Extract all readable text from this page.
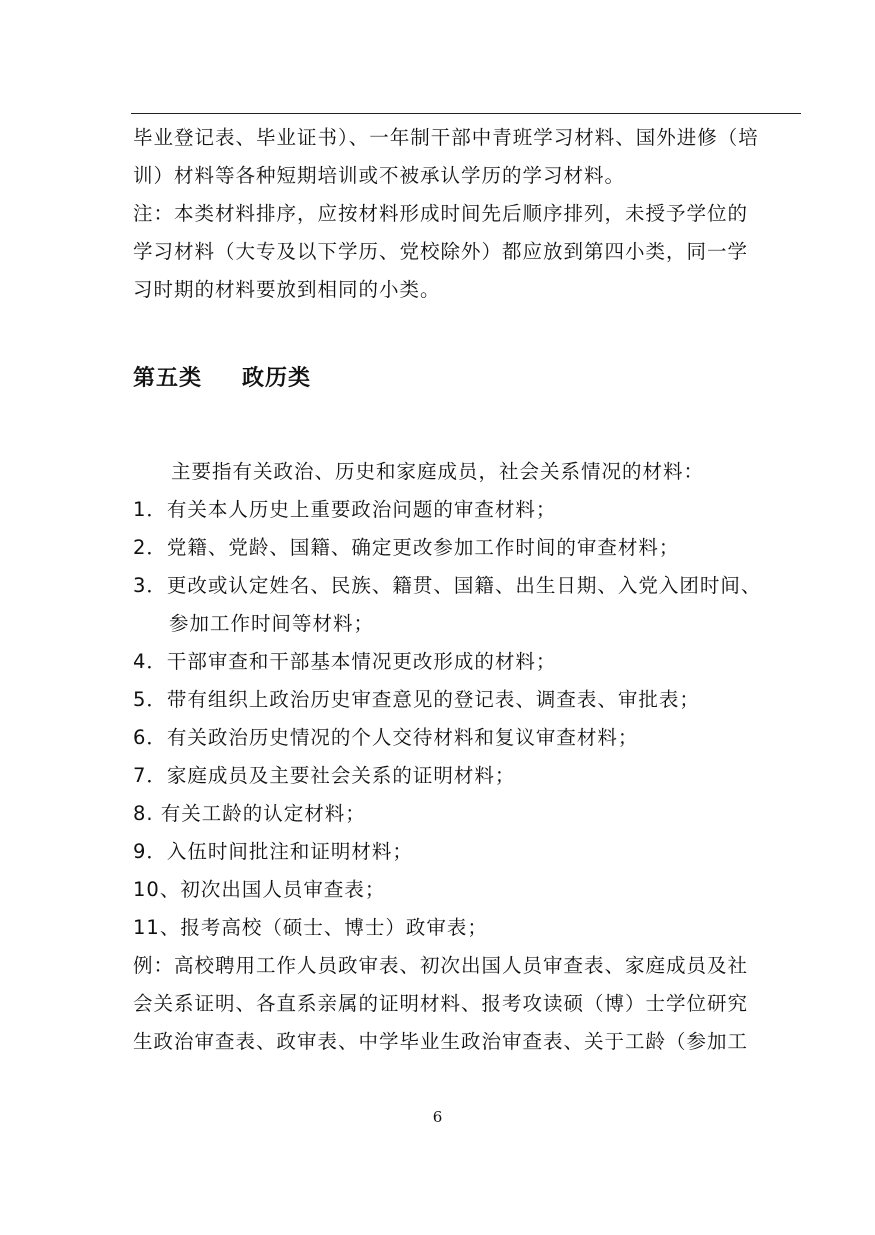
毕业登记表、毕业证书）、一年制干部中青班学习材料、国外进修（培
训）材料等各种短期培训或不被承认学历的学习材料。
注：本类材料排序，应按材料形成时间先后顺序排列，未授予学位的
学习材料（大专及以下学历、党校除外）都应放到第四小类，同一学
习时期的材料要放到相同的小类。
第五类 政历类
主要指有关政治、历史和家庭成员，社会关系情况的材料：
1．有关本人历史上重要政治问题的审查材料；
2．党籍、党龄、国籍、确定更改参加工作时间的审查材料；
3．更改或认定姓名、民族、籍贯、国籍、出生日期、入党入团时间、
参加工作时间等材料；
4．干部审查和干部基本情况更改形成的材料；
5．带有组织上政治历史审查意见的登记表、调查表、审批表；
6．有关政治历史情况的个人交待材料和复议审查材料；
7．家庭成员及主要社会关系的证明材料；
8. 有关工龄的认定材料；
9．入伍时间批注和证明材料；
10、初次出国人员审查表；
11、报考高校（硕士、博士）政审表；
例：高校聘用工作人员政审表、初次出国人员审查表、家庭成员及社
会关系证明、各直系亲属的证明材料、报考攻读硕（博）士学位研究
生政治审查表、政审表、中学毕业生政治审查表、关于工龄（参加工
6
